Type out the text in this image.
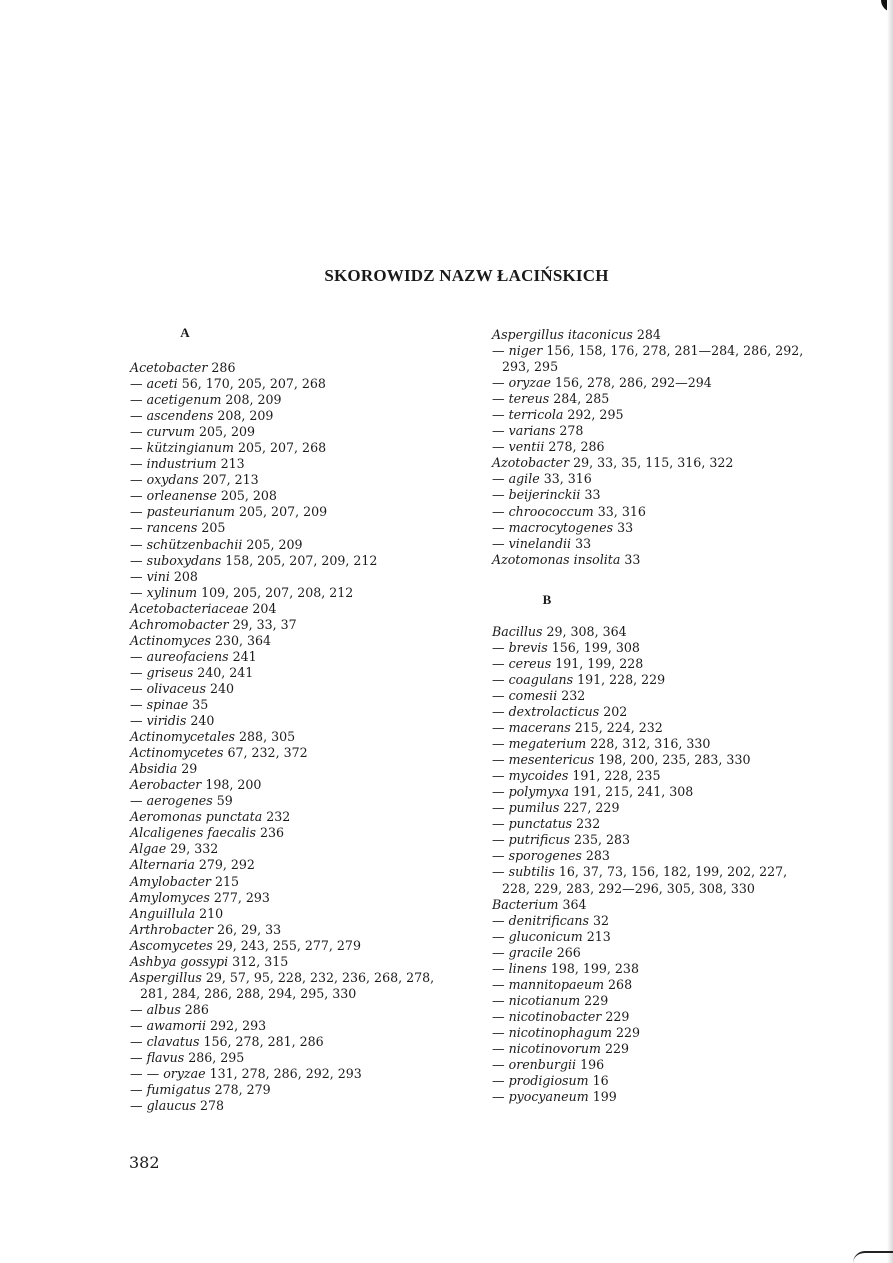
SKOROWIDZ NAZW ŁACIŃSKICH
A
Acetobacter 286
— aceti 56, 170, 205, 207, 268
— acetigenum 208, 209
— ascendens 208, 209
— curvum 205, 209
— kützingianum 205, 207, 268
— industrium 213
— oxydans 207, 213
— orleanense 205, 208
— pasteurianum 205, 207, 209
— rancens 205
— schützenbachii 205, 209
— suboxydans 158, 205, 207, 209, 212
— vini 208
— xylinum 109, 205, 207, 208, 212
Acetobacteriaceae 204
Achromobacter 29, 33, 37
Actinomyces 230, 364
— aureofaciens 241
— griseus 240, 241
— olivaceus 240
— spinae 35
— viridis 240
Actinomycetales 288, 305
Actinomycetes 67, 232, 372
Absidia 29
Aerobacter 198, 200
— aerogenes 59
Aeromonas punctata 232
Alcaligenes faecalis 236
Algae 29, 332
Alternaria 279, 292
Amylobacter 215
Amylomyces 277, 293
Anguillula 210
Arthrobacter 26, 29, 33
Ascomycetes 29, 243, 255, 277, 279
Ashbya gossypi 312, 315
Aspergillus 29, 57, 95, 228, 232, 236, 268, 278, 281, 284, 286, 288, 294, 295, 330
— albus 286
— awamorii 292, 293
— clavatus 156, 278, 281, 286
— flavus 286, 295
— — oryzae 131, 278, 286, 292, 293
— fumigatus 278, 279
— glaucus 278
Aspergillus itaconicus 284
— niger 156, 158, 176, 278, 281—284, 286, 292, 293, 295
— oryzae 156, 278, 286, 292—294
— tereus 284, 285
— terricola 292, 295
— varians 278
— ventii 278, 286
Azotobacter 29, 33, 35, 115, 316, 322
— agile 33, 316
— beijerinckii 33
— chroococcum 33, 316
— macrocytogenes 33
— vinelandii 33
Azotomonas insolita 33
B
Bacillus 29, 308, 364
— brevis 156, 199, 308
— cereus 191, 199, 228
— coagulans 191, 228, 229
— comesii 232
— dextrolacticus 202
— macerans 215, 224, 232
— megaterium 228, 312, 316, 330
— mesentericus 198, 200, 235, 283, 330
— mycoides 191, 228, 235
— polymyxa 191, 215, 241, 308
— pumilus 227, 229
— punctatus 232
— putrificus 235, 283
— sporogenes 283
— subtilis 16, 37, 73, 156, 182, 199, 202, 227, 228, 229, 283, 292—296, 305, 308, 330
Bacterium 364
— denitrificans 32
— gluconicum 213
— gracile 266
— linens 198, 199, 238
— mannitopaeum 268
— nicotianum 229
— nicotinobacter 229
— nicotinophagum 229
— nicotinovorum 229
— orenburgii 196
— prodigiosum 16
— pyocyaneum 199
382
